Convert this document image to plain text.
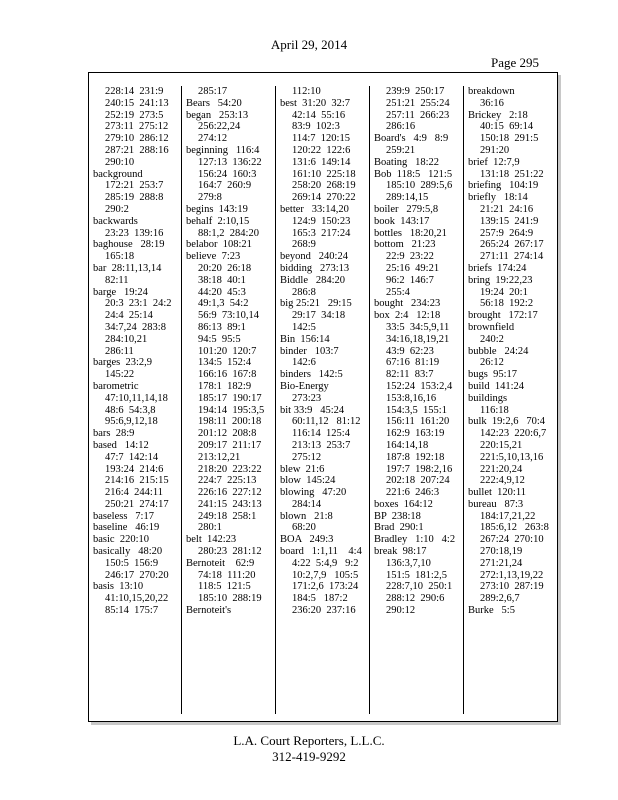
April 29, 2014
Page 295
228:14  231:9
240:15  241:13
252:19  273:5
273:11  275:12
279:10  286:12
287:21  288:16
290:10
background
172:21  253:7
285:19  288:8
290:2
backwards
23:23  139:16
baghouse   28:19
165:18
bar  28:11,13,14
82:11
barge   19:24
20:3  23:1  24:2
24:4  25:14
34:7,24  283:8
284:10,21
286:11
barges  23:2,9
145:22
barometric
47:10,11,14,18
48:6  54:3,8
95:6,9,12,18
bars  28:9
based   14:12
47:7  142:14
193:24  214:6
214:16  215:15
216:4  244:11
250:21  274:17
baseless   7:17
baseline   46:19
basic  220:10
basically   48:20
150:5  156:9
246:17  270:20
basis  13:10
41:10,15,20,22
85:14  175:7
285:17
Bears   54:20
began   253:13
256:22,24
274:12
beginning   116:4
127:13  136:22
156:24  160:3
164:7  260:9
279:8
begins  143:19
behalf  2:10,15
88:1,2  284:20
belabor  108:21
believe  7:23
20:20  26:18
38:18  40:1
44:20  45:3
49:1,3  54:2
56:9  73:10,14
86:13  89:1
94:5  95:5
101:20  120:7
134:5  152:4
166:16  167:8
178:1  182:9
185:17  190:17
194:14  195:3,5
198:11  200:18
201:12  208:8
209:17  211:17
213:12,21
218:20  223:22
224:7  225:13
226:16  227:12
241:15  243:13
249:18  258:1
280:1
belt  142:23
280:23  281:12
Bernoteit    62:9
74:18  111:20
118:5  121:5
185:10  288:19
Bernoteit's
112:10
best  31:20  32:7
42:14  55:16
83:9  102:3
114:7  120:15
120:22  122:6
131:6  149:14
161:10  225:18
258:20  268:19
269:14  270:22
better   33:14,20
124:9  150:23
165:3  217:24
268:9
beyond   240:24
bidding   273:13
Biddle   284:20
286:8
big 25:21   29:15
29:17  34:18
142:5
Bin  156:14
binder   103:7
142:6
binders   142:5
Bio-Energy
273:23
bit 33:9   45:24
60:11,12   81:12
116:14  125:4
213:13  253:7
275:12
blew  21:6
blow  145:24
blowing   47:20
284:14
blown   21:8
68:20
BOA   249:3
board   1:1,11    4:4
4:22  5:4,9   9:2
10:2,7,9   105:5
171:2,6  173:24
184:5   187:2
236:20  237:16
239:9  250:17
251:21  255:24
257:11  266:23
286:16
Board's   4:9   8:9
259:21
Boating   18:22
Bob  118:5   121:5
185:10  289:5,6
289:14,15
boiler   279:5,8
book  143:17
bottles   18:20,21
bottom   21:23
22:9  23:22
25:16  49:21
96:2  146:7
255:4
bought   234:23
box  2:4   12:18
33:5  34:5,9,11
34:16,18,19,21
43:9  62:23
67:16  81:19
82:11  83:7
152:24  153:2,4
153:8,16,16
154:3,5  155:1
156:11  161:20
162:9  163:19
164:14,18
187:8  192:18
197:7  198:2,16
202:18  207:24
221:6  246:3
boxes  164:12
BP  238:18
Brad  290:1
Bradley   1:10   4:2
break  98:17
136:3,7,10
151:5  181:2,5
228:7,10  250:1
288:12  290:6
290:12
breakdown
36:16
Brickey   2:18
40:15  69:14
150:18  291:5
291:20
brief  12:7,9
131:18  251:22
briefing   104:19
briefly   18:14
21:21  24:16
139:15  241:9
257:9  264:9
265:24  267:17
271:11  274:14
briefs  174:24
bring  19:22,23
19:24  20:1
56:18  192:2
brought   172:17
brownfield
240:2
bubble   24:24
26:12
bugs  95:17
build  141:24
buildings
116:18
bulk  19:2,6   70:4
142:23  220:6,7
220:15,21
221:5,10,13,16
221:20,24
222:4,9,12
bullet  120:11
bureau   87:3
184:17,21,22
185:6,12   263:8
267:24  270:10
270:18,19
271:21,24
272:1,13,19,22
273:10  287:19
289:2,6,7
Burke   5:5
L.A. Court Reporters, L.L.C.
312-419-9292
